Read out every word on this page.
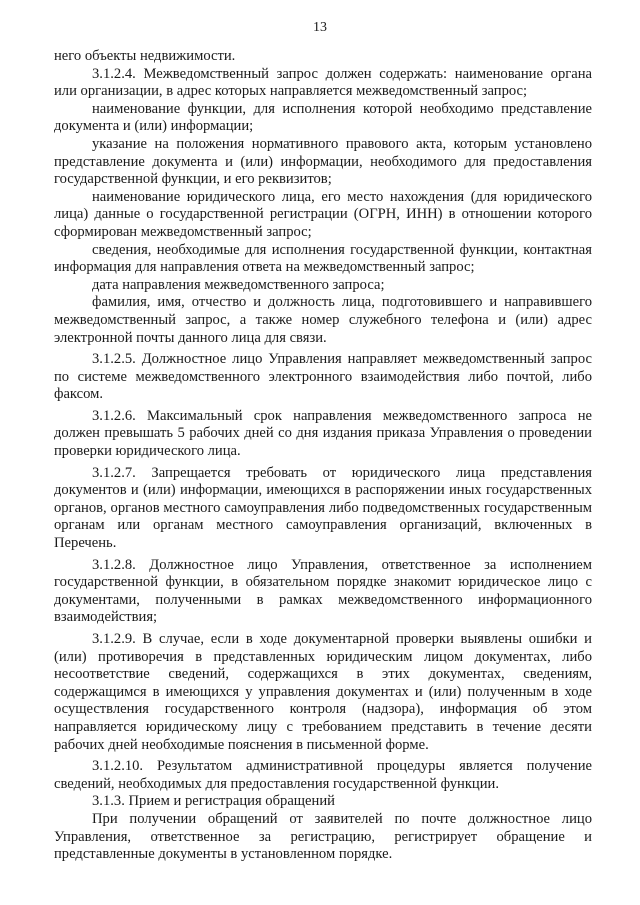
13

него объекты недвижимости.

3.1.2.4. Межведомственный запрос должен содержать: наименование органа или организации, в адрес которых направляется межведомственный запрос;

наименование функции, для исполнения которой необходимо представление документа и (или) информации;

указание на положения нормативного правового акта, которым установлено представление документа и (или) информации, необходимого для предоставления государственной функции, и его реквизитов;

наименование юридического лица, его место нахождения (для юридического лица) данные о государственной регистрации (ОГРН, ИНН) в отношении которого сформирован межведомственный запрос;

сведения, необходимые для исполнения государственной функции, контактная информация для направления ответа на межведомственный запрос;

дата направления межведомственного запроса;

фамилия, имя, отчество и должность лица, подготовившего и направившего межведомственный запрос, а также номер служебного телефона и (или) адрес электронной почты данного лица для связи.

3.1.2.5. Должностное лицо Управления направляет межведомственный запрос по системе межведомственного электронного взаимодействия либо почтой, либо факсом.

3.1.2.6. Максимальный срок направления межведомственного запроса не должен превышать 5 рабочих дней со дня издания приказа Управления о проведении проверки юридического лица.

3.1.2.7. Запрещается требовать от юридического лица представления документов и (или) информации, имеющихся в распоряжении иных государственных органов, органов местного самоуправления либо подведомственных государственным органам или органам местного самоуправления организаций, включенных в Перечень.

3.1.2.8. Должностное лицо Управления, ответственное за исполнением государственной функции, в обязательном порядке знакомит юридическое лицо с документами, полученными в рамках межведомственного информационного взаимодействия;

3.1.2.9. В случае, если в ходе документарной проверки выявлены ошибки и (или) противоречия в представленных юридическим лицом документах, либо несоответствие сведений, содержащихся в этих документах, сведениям, содержащимся в имеющихся у управления документах и (или) полученным в ходе осуществления государственного контроля (надзора), информация об этом направляется юридическому лицу с требованием представить в течение десяти рабочих дней необходимые пояснения в письменной форме.

3.1.2.10. Результатом административной процедуры является получение сведений, необходимых для предоставления государственной функции.

3.1.3. Прием и регистрация обращений

При получении обращений от заявителей по почте должностное лицо Управления, ответственное за регистрацию, регистрирует обращение и представленные документы в установленном порядке.
